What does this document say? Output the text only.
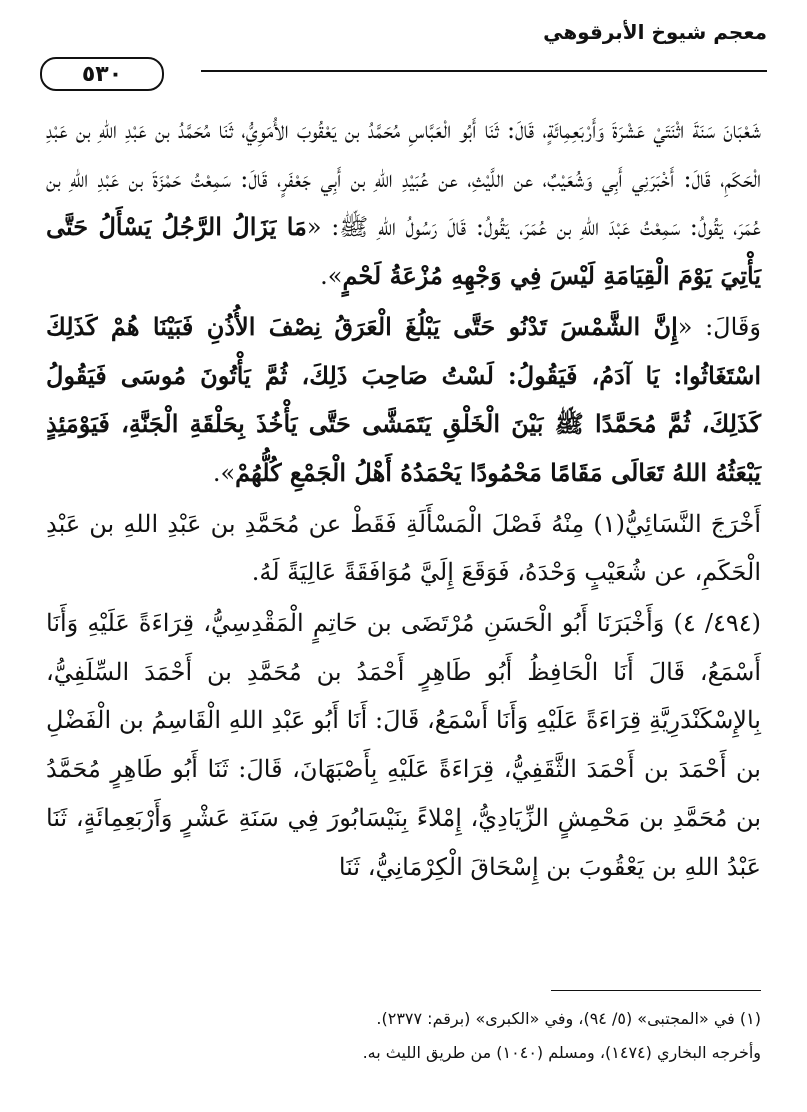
معجم شيوخ الأبرقوهي
٥٣٠

شَعْبَانَ سَنَةَ اثْنَتَيْ عَشْرَةَ وَأَرْبَعِمِائَةٍ، قَالَ: ثَنَا أَبُو الْعَبَّاسِ مُحَمَّدُ بن يَعْقُوبَ الأُمَوِيُّ، ثَنَا مُحَمَّدُ بن عَبْدِ اللهِ بن عَبْدِ الْحَكَمِ، قَالَ: أَخْبَرَنِي أَبِي وَشُعَيْبٌ، عن اللَّيْثِ، عن عُبَيْدِ اللهِ بن أَبِي جَعْفَرٍ، قَالَ: سَمِعْتُ حَمْزَةَ بن عَبْدِ اللهِ بن عُمَرَ، يَقُولُ: سَمِعْتُ عَبْدَ اللهِ بن عُمَرَ، يَقُولُ: قَالَ رَسُولُ اللهِ ﷺ: «مَا يَزَالُ الرَّجُلُ يَسْأَلُ حَتَّى يَأْتِيَ يَوْمَ الْقِيَامَةِ لَيْسَ فِي وَجْهِهِ مُزْعَةُ لَحْمٍ».

وَقَالَ: «إِنَّ الشَّمْسَ تَدْنُو حَتَّى يَبْلُغَ الْعَرَقُ نِصْفَ الأُذُنِ فَبَيْنَا هُمْ كَذَلِكَ اسْتَغَاثُوا: يَا آدَمُ، فَيَقُولُ: لَسْتُ صَاحِبَ ذَلِكَ، ثُمَّ يَأْتُونَ مُوسَى فَيَقُولُ كَذَلِكَ، ثُمَّ مُحَمَّدًا ﷺ بَيْنَ الْخَلْقِ يَتَمَشَّى حَتَّى يَأْخُذَ بِحَلْقَةِ الْجَنَّةِ، فَيَوْمَئِذٍ يَبْعَثُهُ اللهُ تَعَالَى مَقَامًا مَحْمُودًا يَحْمَدُهُ أَهْلُ الْجَمْعِ كُلُّهُمْ».

أَخْرَجَ النَّسَائِيُّ(١) مِنْهُ فَصْلَ الْمَسْأَلَةِ فَقَطْ عن مُحَمَّدِ بن عَبْدِ اللهِ بن عَبْدِ الْحَكَمِ، عن شُعَيْبٍ وَحْدَهُ، فَوَقَعَ إِلَيَّ مُوَافَقَةً عَالِيَةً لَهُ.

(٤٩٤/ ٤) وَأَخْبَرَنَا أَبُو الْحَسَنِ مُرْتَضَى بن حَاتِمٍ الْمَقْدِسِيُّ، قِرَاءَةً عَلَيْهِ وَأَنَا أَسْمَعُ، قَالَ أَنَا الْحَافِظُ أَبُو طَاهِرٍ أَحْمَدُ بن مُحَمَّدِ بن أَحْمَدَ السِّلَفِيُّ، بِالإِسْكَنْدَرِيَّةِ قِرَاءَةً عَلَيْهِ وَأَنَا أَسْمَعُ، قَالَ: أَنَا أَبُو عَبْدِ اللهِ الْقَاسِمُ بن الْفَضْلِ بن أَحْمَدَ بن أَحْمَدَ الثَّقَفِيُّ، قِرَاءَةً عَلَيْهِ بِأَصْبَهَانَ، قَالَ: ثَنَا أَبُو طَاهِرٍ مُحَمَّدُ بن مُحَمَّدِ بن مَحْمِشٍ الزِّيَادِيُّ، إِمْلاءً بِنَيْسَابُورَ فِي سَنَةِ عَشْرٍ وَأَرْبَعِمِائَةٍ، ثَنَا عَبْدُ اللهِ بن يَعْقُوبَ بن إِسْحَاقَ الْكِرْمَانِيُّ، ثَنَا

(١) في «المجتبى» (٥/ ٩٤)، وفي «الكبرى» (برقم: ٢٣٧٧).

وأخرجه البخاري (١٤٧٤)، ومسلم (١٠٤٠) من طريق الليث به.
